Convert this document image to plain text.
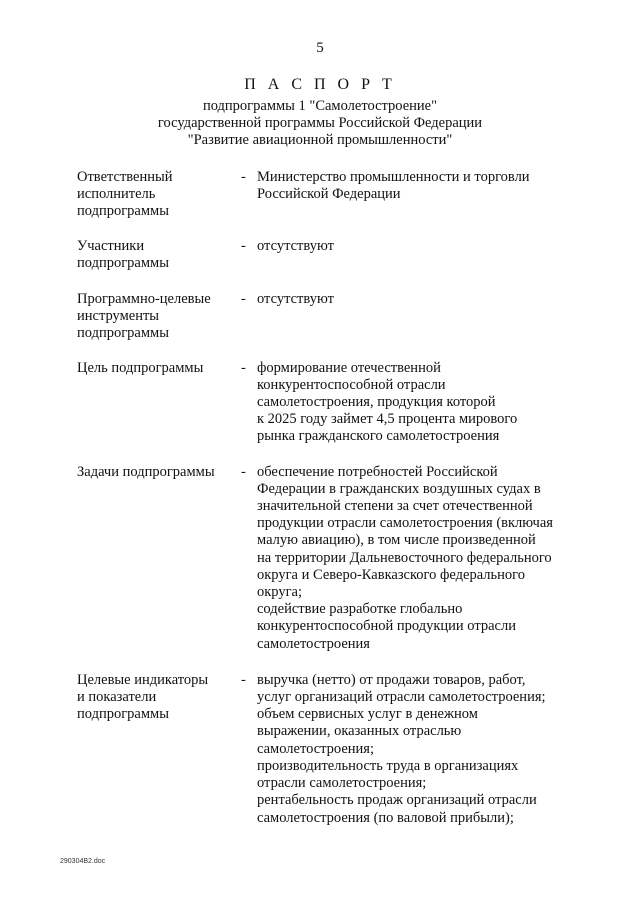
5
П А С П О Р Т
подпрограммы 1 "Самолетостроение"
государственной программы Российской Федерации
"Развитие авиационной промышленности"
Ответственный
исполнитель
подпрограммы
- Министерство промышленности и торговли
Российской Федерации
Участники
подпрограммы
- отсутствуют
Программно-целевые
инструменты
подпрограммы
- отсутствуют
Цель подпрограммы	- формирование отечественной
конкурентоспособной отрасли
самолетостроения, продукция которой
к 2025 году займет 4,5 процента мирового
рынка гражданского самолетостроения
Задачи подпрограммы	- обеспечение потребностей Российской
Федерации в гражданских воздушных судах в
значительной степени за счет отечественной
продукции отрасли самолетостроения (включая
малую авиацию), в том числе произведенной
на территории Дальневосточного федерального
округа и Северо-Кавказского федерального
округа;
содействие разработке глобально
конкурентоспособной продукции отрасли
самолетостроения
Целевые индикаторы
и показатели
подпрограммы
- выручка (нетто) от продажи товаров, работ,
услуг организаций отрасли самолетостроения;
объем сервисных услуг в денежном
выражении, оказанных отраслью
самолетостроения;
производительность труда в организациях
отрасли самолетостроения;
рентабельность продаж организаций отрасли
самолетостроения (по валовой прибыли);
290304B2.doc
